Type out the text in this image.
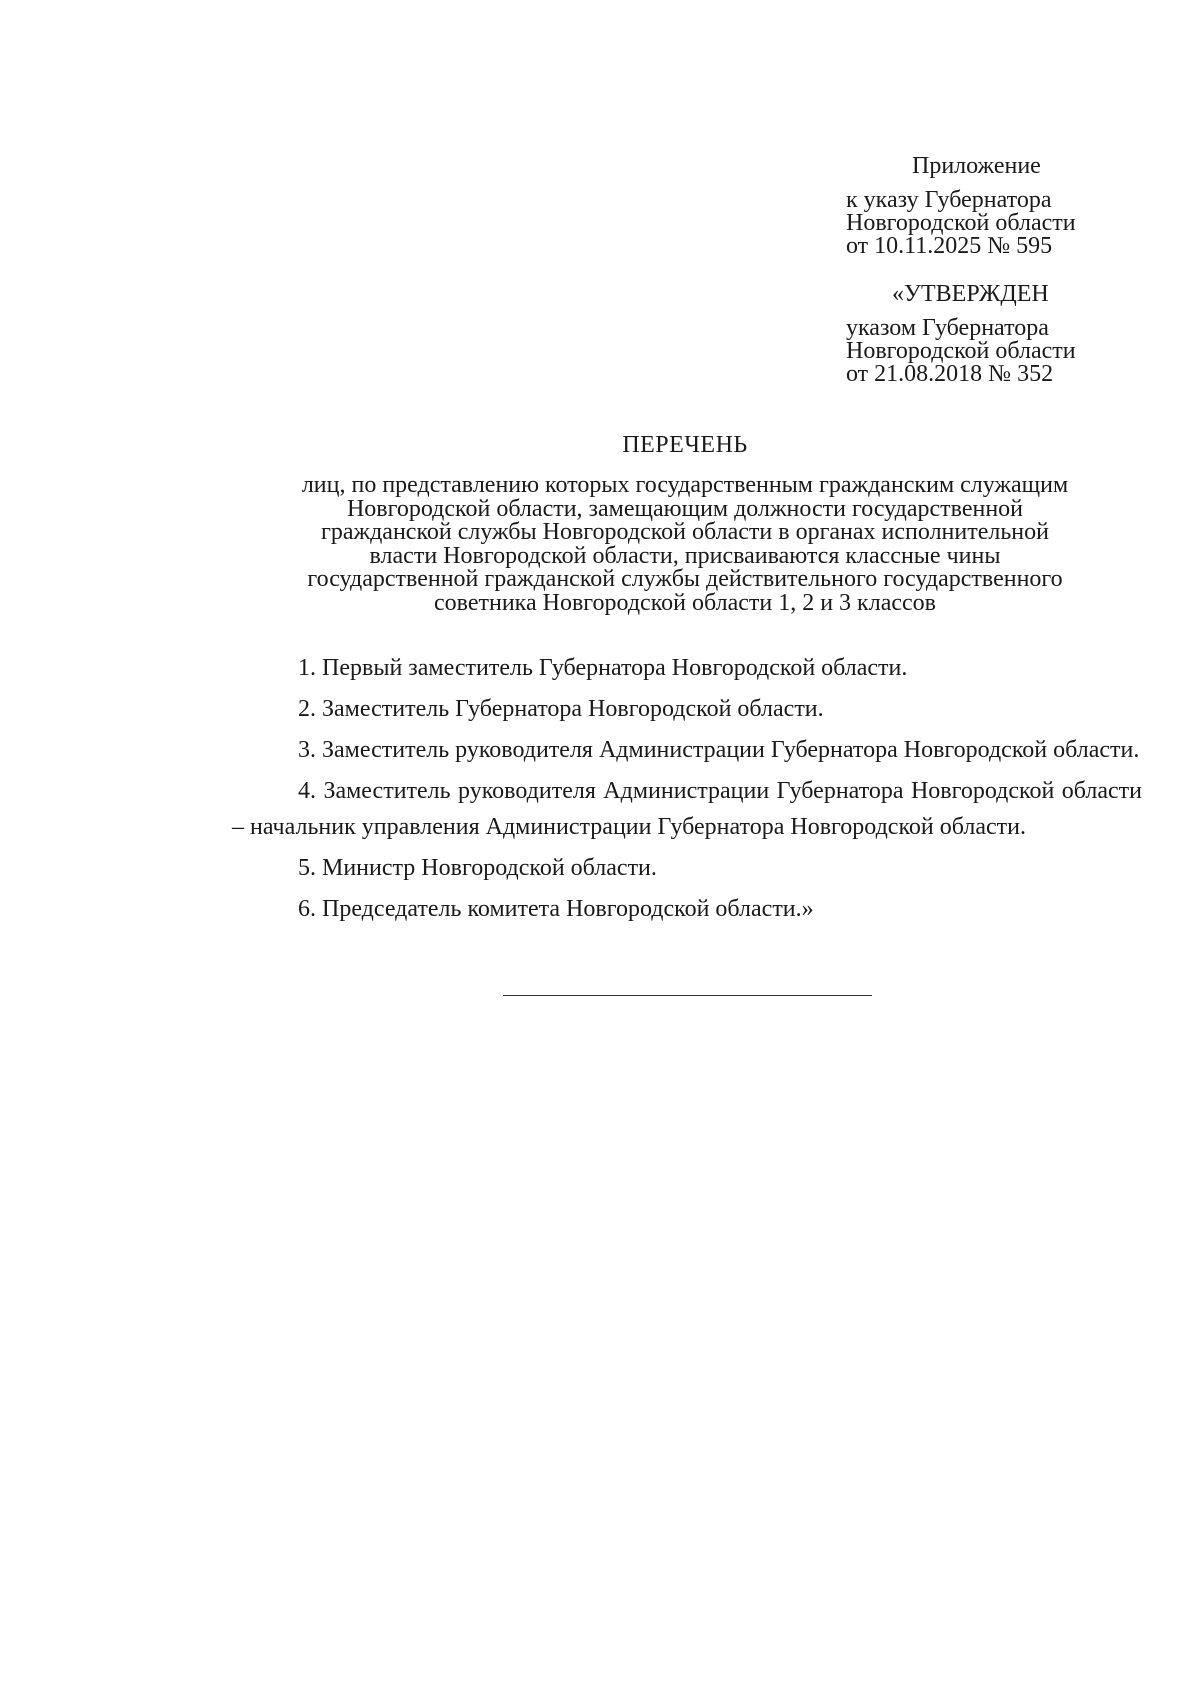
Приложение
к указу Губернатора
Новгородской области
от 10.11.2025 № 595
«УТВЕРЖДЕН
указом Губернатора
Новгородской области
от 21.08.2018 № 352
ПЕРЕЧЕНЬ
лиц, по представлению которых государственным гражданским служащим
Новгородской области, замещающим должности государственной
гражданской службы Новгородской области в органах исполнительной
власти Новгородской области, присваиваются классные чины
государственной гражданской службы действительного государственного
советника Новгородской области 1, 2 и 3 классов

1. Первый заместитель Губернатора Новгородской области.

2. Заместитель Губернатора Новгородской области.

3. Заместитель руководителя Администрации Губернатора Новгородской области.

4. Заместитель руководителя Администрации Губернатора Новгородской области – начальник управления Администрации Губернатора Новгородской области.

5. Министр Новгородской области.

6. Председатель комитета Новгородской области.»
